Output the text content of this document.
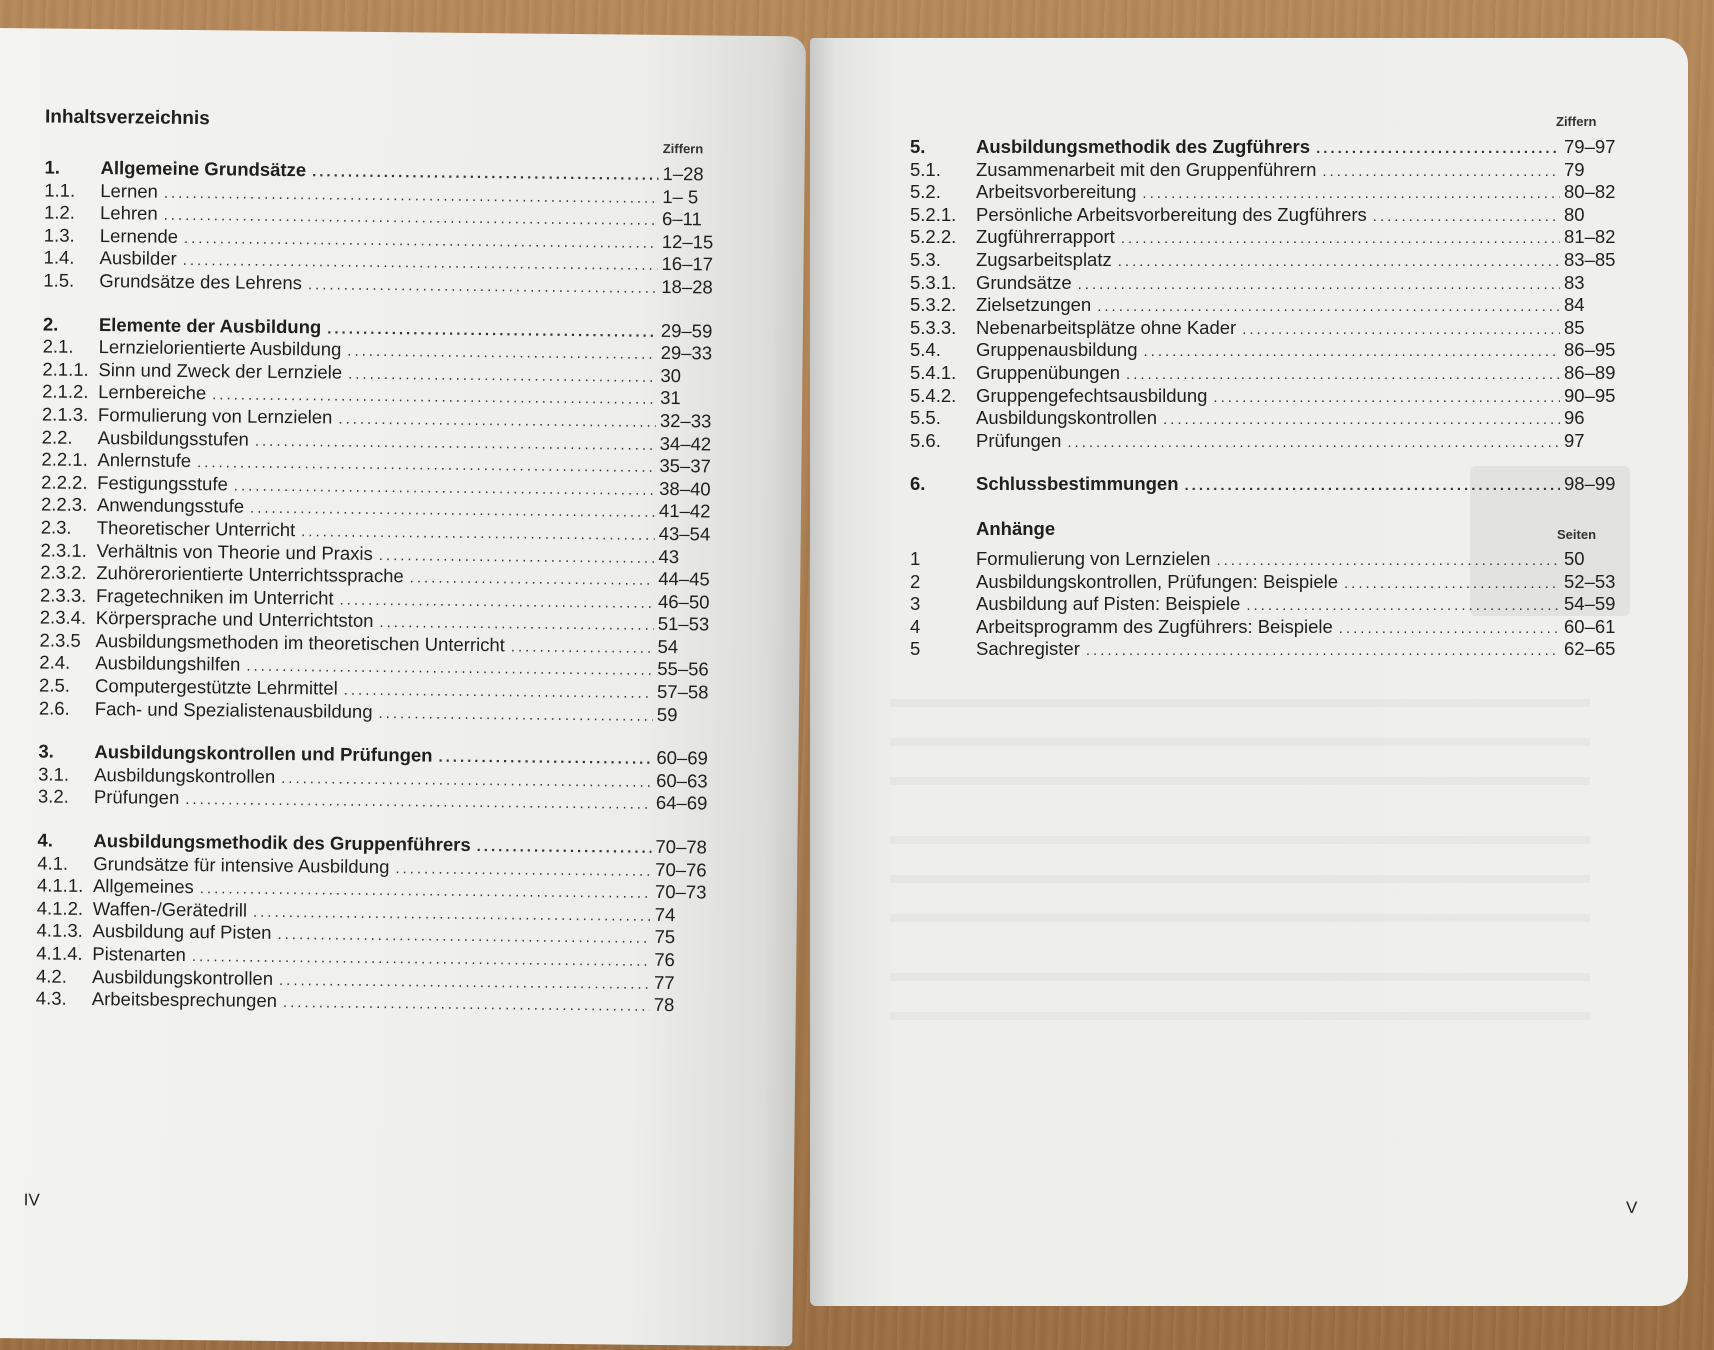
Inhaltsverzeichnis
Ziffern
1.	Allgemeine Grundsätze .....	1–28
1.1.	Lernen .....	1– 5
1.2.	Lehren .....	6–11
1.3.	Lernende .....	12–15
1.4.	Ausbilder .....	16–17
1.5.	Grundsätze des Lehrens .....	18–28
2.	Elemente der Ausbildung .....	29–59
2.1.	Lernzielorientierte Ausbildung .....	29–33
2.1.1. Sinn und Zweck der Lernziele .....	30
2.1.2. Lernbereiche .....	31
2.1.3. Formulierung von Lernzielen .....	32–33
2.2.	Ausbildungsstufen .....	34–42
2.2.1. Anlernstufe .....	35–37
2.2.2. Festigungsstufe .....	38–40
2.2.3. Anwendungsstufe .....	41–42
2.3.	Theoretischer Unterricht .....	43–54
2.3.1. Verhältnis von Theorie und Praxis .....	43
2.3.2. Zuhörerorientierte Unterrichtssprache .....	44–45
2.3.3. Fragetechniken im Unterricht .....	46–50
2.3.4. Körpersprache und Unterrichtston .....	51–53
2.3.5 Ausbildungsmethoden im theoretischen Unterricht .....	54
2.4.	Ausbildungshilfen .....	55–56
2.5.	Computergestützte Lehrmittel .....	57–58
2.6.	Fach- und Spezialistenausbildung .....	59
3.	Ausbildungskontrollen und Prüfungen .....	60–69
3.1.	Ausbildungskontrollen .....	60–63
3.2.	Prüfungen .....	64–69
4.	Ausbildungsmethodik des Gruppenführers .....	70–78
4.1.	Grundsätze für intensive Ausbildung .....	70–76
4.1.1. Allgemeines .....	70–73
4.1.2. Waffen-/Gerätedrill .....	74
4.1.3. Ausbildung auf Pisten .....	75
4.1.4. Pistenarten .....	76
4.2.	Ausbildungskontrollen .....	77
4.3.	Arbeitsbesprechungen .....	78
IV
Ziffern
5.	Ausbildungsmethodik des Zugführers .....	79–97
5.1.	Zusammenarbeit mit den Gruppenführern .....	79
5.2.	Arbeitsvorbereitung .....	80–82
5.2.1.	Persönliche Arbeitsvorbereitung des Zugführers .....	80
5.2.2.	Zugführerrapport .....	81–82
5.3.	Zugsarbeitsplatz .....	83–85
5.3.1.	Grundsätze .....	83
5.3.2.	Zielsetzungen .....	84
5.3.3.	Nebenarbeitsplätze ohne Kader .....	85
5.4.	Gruppenausbildung .....	86–95
5.4.1.	Gruppenübungen .....	86–89
5.4.2.	Gruppengefechtsausbildung .....	90–95
5.5.	Ausbildungskontrollen .....	96
5.6.	Prüfungen .....	97
6.	Schlussbestimmungen .....	98–99
Anhänge	Seiten
1	Formulierung von Lernzielen .....	50
2	Ausbildungskontrollen, Prüfungen: Beispiele .....	52–53
3	Ausbildung auf Pisten: Beispiele .....	54–59
4	Arbeitsprogramm des Zugführers: Beispiele .....	60–61
5	Sachregister .....	62–65
V
